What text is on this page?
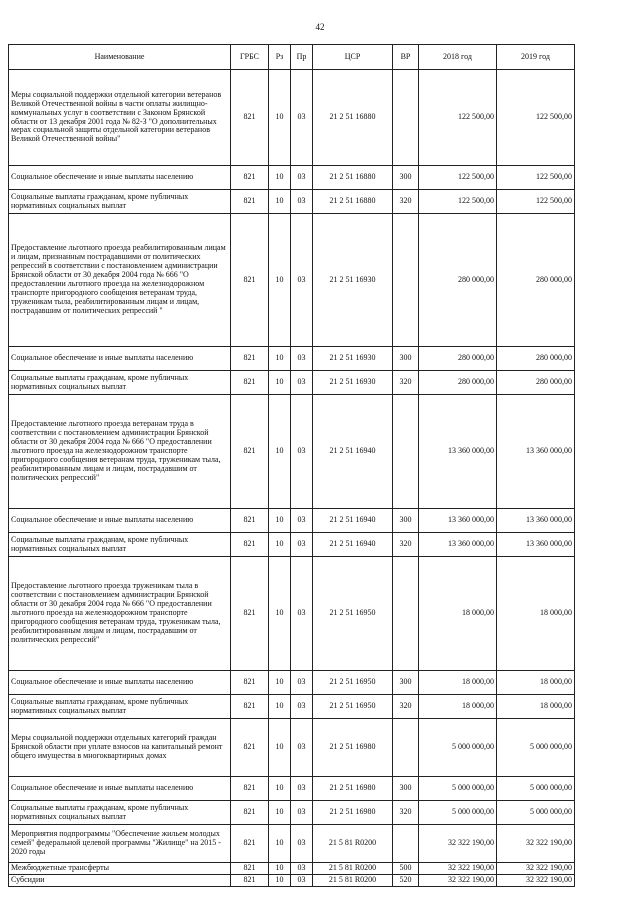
42
Наименование	ГРБС	Рз	Пр	ЦСР	ВР	2018 год	2019 год
Меры социальной поддержки отдельной категории ветеранов Великой Отечественной войны в части оплаты жилищно-коммунальных услуг в соответствии с Законом Брянской области от 13 декабря 2001 года № 82-З "О дополнительных мерах социальной защиты отдельной категории ветеранов Великой Отечественной войны"	821	10	03	21 2 51 16880		122 500,00	122 500,00
Социальное обеспечение и иные выплаты населению	821	10	03	21 2 51 16880	300	122 500,00	122 500,00
Социальные выплаты гражданам, кроме публичных нормативных социальных выплат	821	10	03	21 2 51 16880	320	122 500,00	122 500,00
Предоставление льготного проезда реабилитированным лицам и лицам, признанным пострадавшими от политических репрессий в соответствии с постановлением администрации Брянской области от 30 декабря 2004 года № 666 "О предоставлении льготного проезда на железнодорожном транспорте пригородного сообщения ветеранам труда, труженикам тыла, реабилитированным лицам и лицам, пострадавшим от политических репрессий "	821	10	03	21 2 51 16930		280 000,00	280 000,00
Социальное обеспечение и иные выплаты населению	821	10	03	21 2 51 16930	300	280 000,00	280 000,00
Социальные выплаты гражданам, кроме публичных нормативных социальных выплат	821	10	03	21 2 51 16930	320	280 000,00	280 000,00
Предоставление льготного проезда ветеранам труда в соответствии с постановлением администрации Брянской области от 30 декабря 2004 года № 666 "О предоставлении льготного проезда на железнодорожном транспорте пригородного сообщения ветеранам труда, труженикам тыла, реабилитированным лицам и лицам, пострадавшим от политических репрессий"	821	10	03	21 2 51 16940		13 360 000,00	13 360 000,00
Социальное обеспечение и иные выплаты населению	821	10	03	21 2 51 16940	300	13 360 000,00	13 360 000,00
Социальные выплаты гражданам, кроме публичных нормативных социальных выплат	821	10	03	21 2 51 16940	320	13 360 000,00	13 360 000,00
Предоставление льготного проезда труженикам тыла в соответствии с постановлением администрации Брянской области от 30 декабря 2004 года № 666 "О предоставлении льготного проезда на железнодорожном транспорте пригородного сообщения ветеранам труда, труженикам тыла, реабилитированным лицам и лицам, пострадавшим от политических репрессий"	821	10	03	21 2 51 16950		18 000,00	18 000,00
Социальное обеспечение и иные выплаты населению	821	10	03	21 2 51 16950	300	18 000,00	18 000,00
Социальные выплаты гражданам, кроме публичных нормативных социальных выплат	821	10	03	21 2 51 16950	320	18 000,00	18 000,00
Меры социальной поддержки отдельных категорий граждан Брянской области при уплате взносов на капитальный ремонт общего имущества в многоквартирных домах	821	10	03	21 2 51 16980		5 000 000,00	5 000 000,00
Социальное обеспечение и иные выплаты населению	821	10	03	21 2 51 16980	300	5 000 000,00	5 000 000,00
Социальные выплаты гражданам, кроме публичных нормативных социальных выплат	821	10	03	21 2 51 16980	320	5 000 000,00	5 000 000,00
Мероприятия подпрограммы "Обеспечение жильем молодых семей" федеральной целевой программы "Жилище" на 2015 - 2020 годы	821	10	03	21 5 81 R0200		32 322 190,00	32 322 190,00
Межбюджетные трансферты	821	10	03	21 5 81 R0200	500	32 322 190,00	32 322 190,00
Субсидии	821	10	03	21 5 81 R0200	520	32 322 190,00	32 322 190,00
